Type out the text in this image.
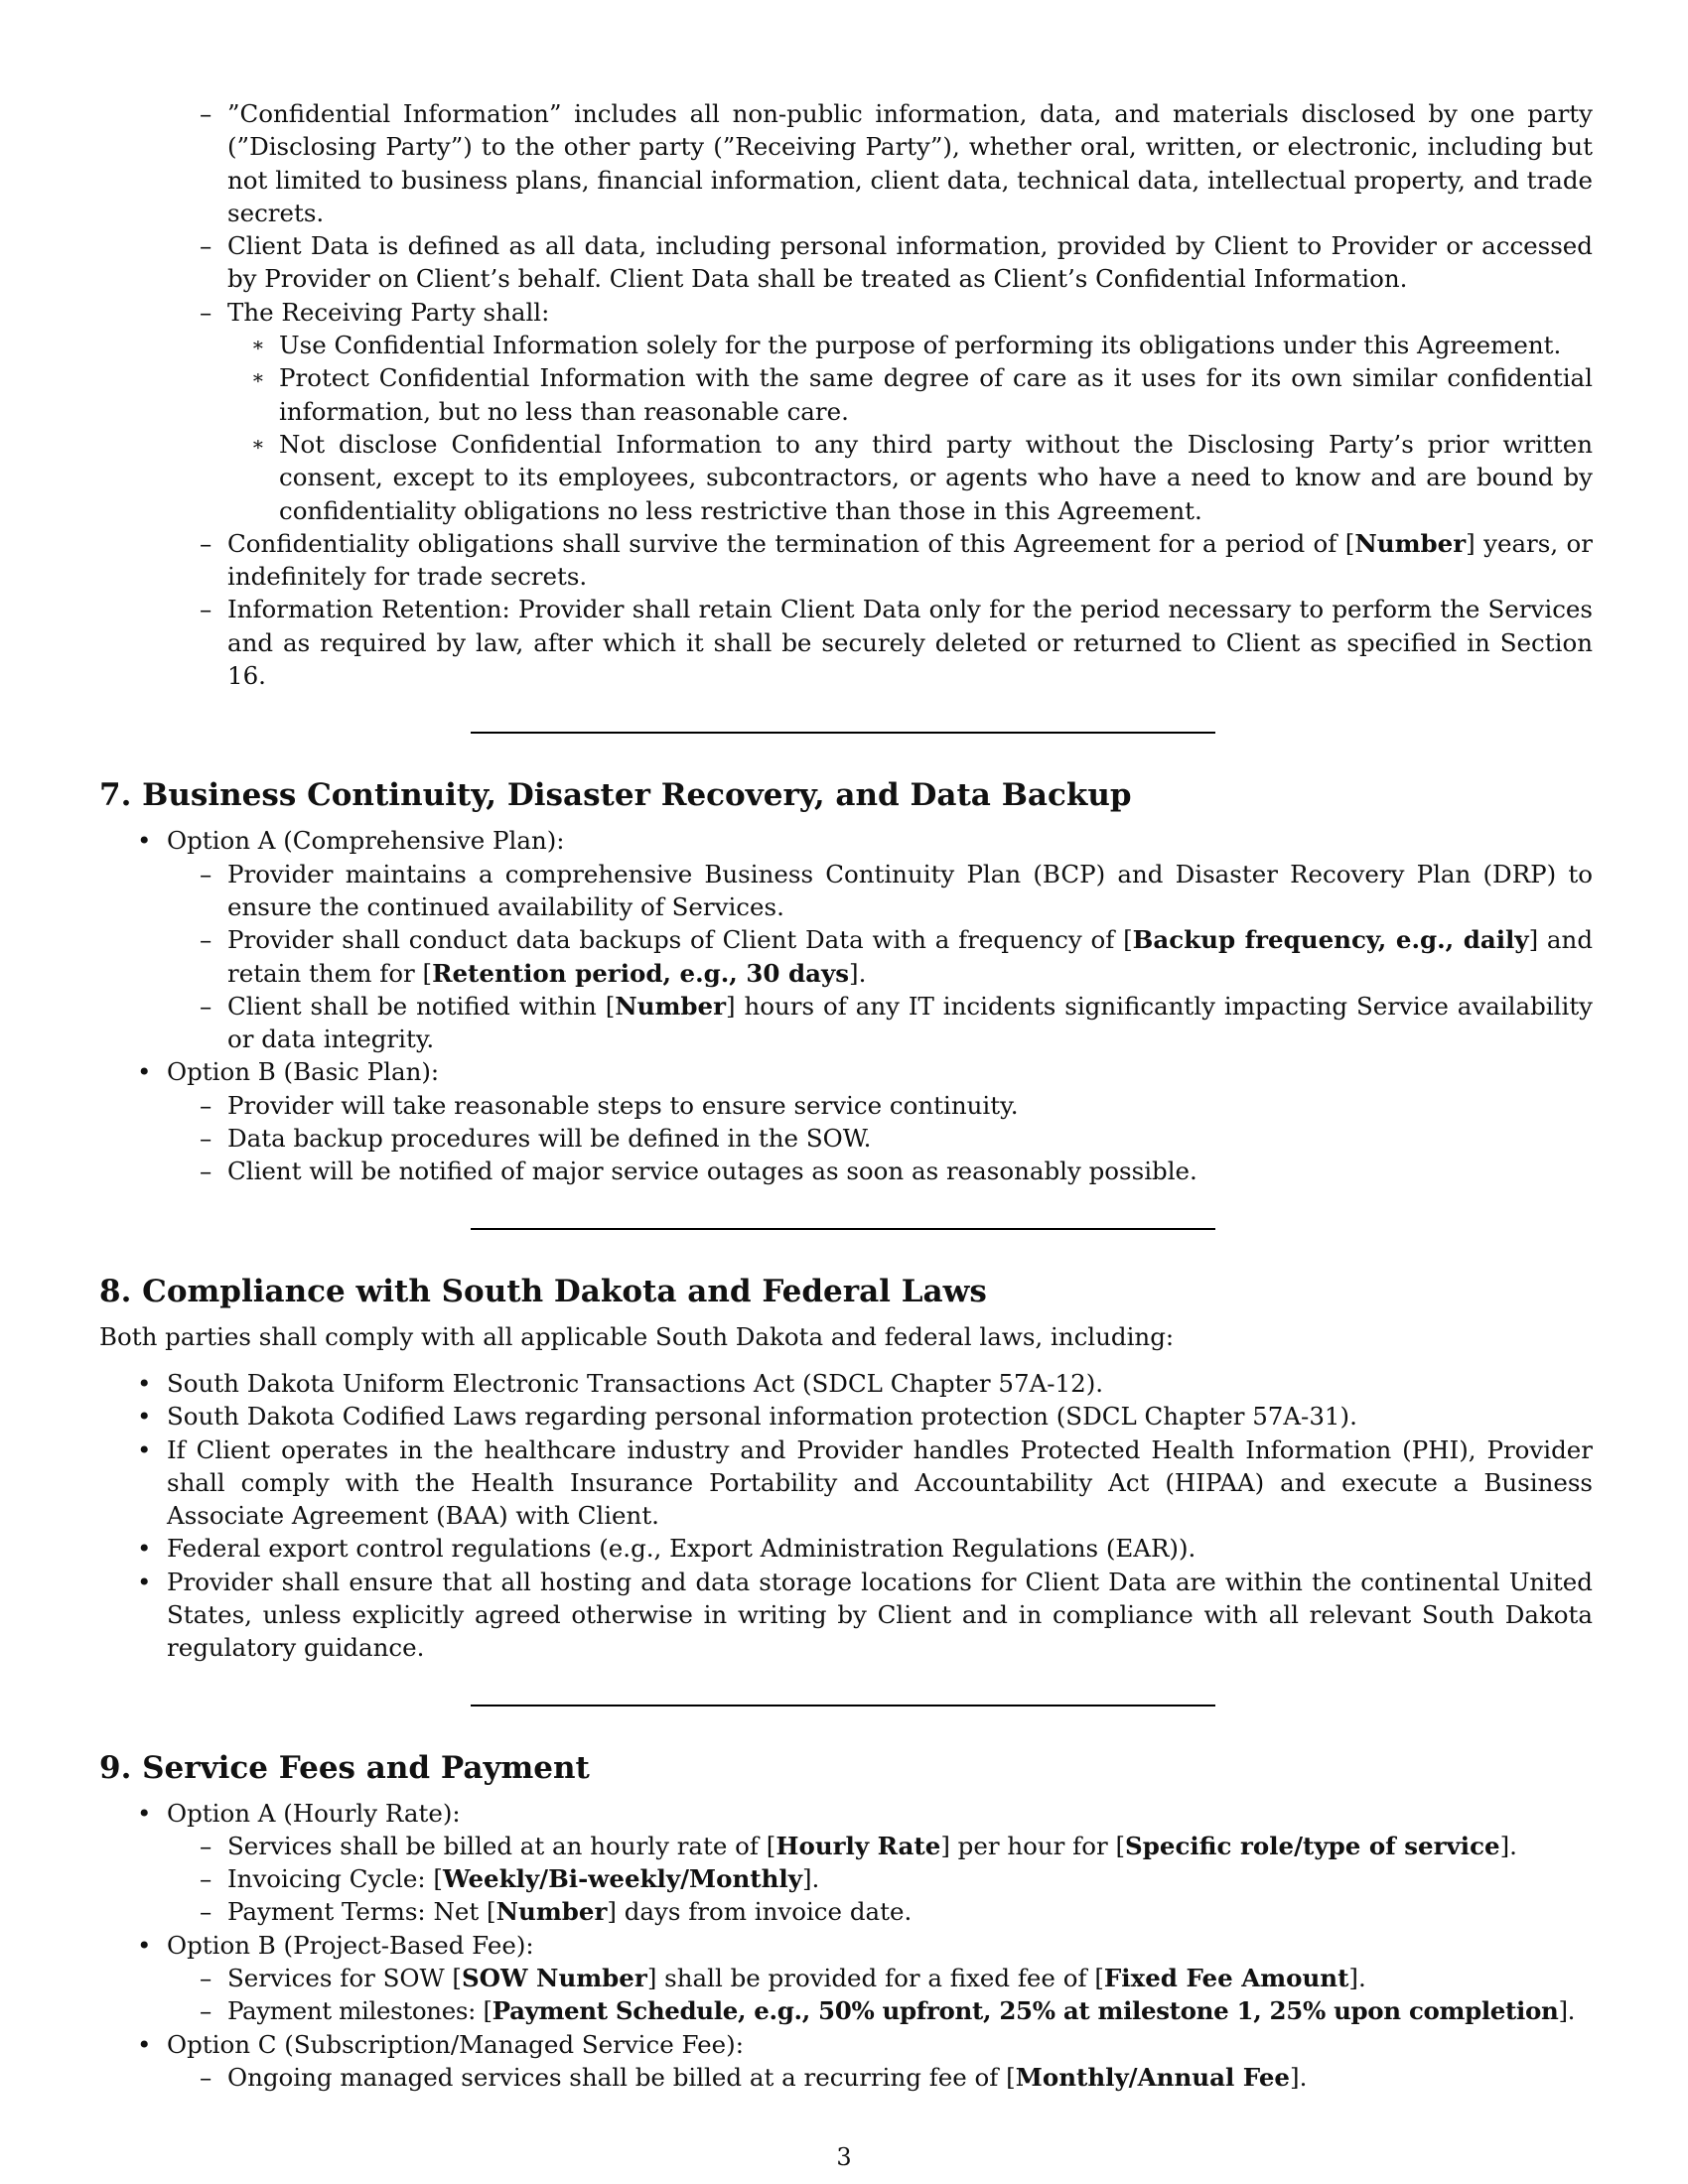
– ”Confidential Information” includes all non-public information, data, and materials disclosed by one party (”Disclosing Party”) to the other party (”Receiving Party”), whether oral, written, or electronic, including but not limited to business plans, financial information, client data, technical data, intellectual property, and trade secrets.
– Client Data is defined as all data, including personal information, provided by Client to Provider or accessed by Provider on Client’s behalf. Client Data shall be treated as Client’s Confidential Information.
– The Receiving Party shall:
∗ Use Confidential Information solely for the purpose of performing its obligations under this Agreement.
∗ Protect Confidential Information with the same degree of care as it uses for its own similar confidential information, but no less than reasonable care.
∗ Not disclose Confidential Information to any third party without the Disclosing Party’s prior written consent, except to its employees, subcontractors, or agents who have a need to know and are bound by confidentiality obligations no less restrictive than those in this Agreement.
– Confidentiality obligations shall survive the termination of this Agreement for a period of [Number] years, or indefinitely for trade secrets.
– Information Retention: Provider shall retain Client Data only for the period necessary to perform the Services and as required by law, after which it shall be securely deleted or returned to Client as specified in Section 16.
7. Business Continuity, Disaster Recovery, and Data Backup
• Option A (Comprehensive Plan):
– Provider maintains a comprehensive Business Continuity Plan (BCP) and Disaster Recovery Plan (DRP) to ensure the continued availability of Services.
– Provider shall conduct data backups of Client Data with a frequency of [Backup frequency, e.g., daily] and retain them for [Retention period, e.g., 30 days].
– Client shall be notified within [Number] hours of any IT incidents significantly impacting Service availability or data integrity.
• Option B (Basic Plan):
– Provider will take reasonable steps to ensure service continuity.
– Data backup procedures will be defined in the SOW.
– Client will be notified of major service outages as soon as reasonably possible.
8. Compliance with South Dakota and Federal Laws

Both parties shall comply with all applicable South Dakota and federal laws, including:

• South Dakota Uniform Electronic Transactions Act (SDCL Chapter 57A-12).
• South Dakota Codified Laws regarding personal information protection (SDCL Chapter 57A-31).
• If Client operates in the healthcare industry and Provider handles Protected Health Information (PHI), Provider shall comply with the Health Insurance Portability and Accountability Act (HIPAA) and execute a Business Associate Agreement (BAA) with Client.
• Federal export control regulations (e.g., Export Administration Regulations (EAR)).
• Provider shall ensure that all hosting and data storage locations for Client Data are within the continental United States, unless explicitly agreed otherwise in writing by Client and in compliance with all relevant South Dakota regulatory guidance.
9. Service Fees and Payment
• Option A (Hourly Rate):
– Services shall be billed at an hourly rate of [Hourly Rate] per hour for [Specific role/type of service].
– Invoicing Cycle: [Weekly/Bi-weekly/Monthly].
– Payment Terms: Net [Number] days from invoice date.
• Option B (Project-Based Fee):
– Services for SOW [SOW Number] shall be provided for a fixed fee of [Fixed Fee Amount].
– Payment milestones: [Payment Schedule, e.g., 50% upfront, 25% at milestone 1, 25% upon completion].
• Option C (Subscription/Managed Service Fee):
– Ongoing managed services shall be billed at a recurring fee of [Monthly/Annual Fee].
3
